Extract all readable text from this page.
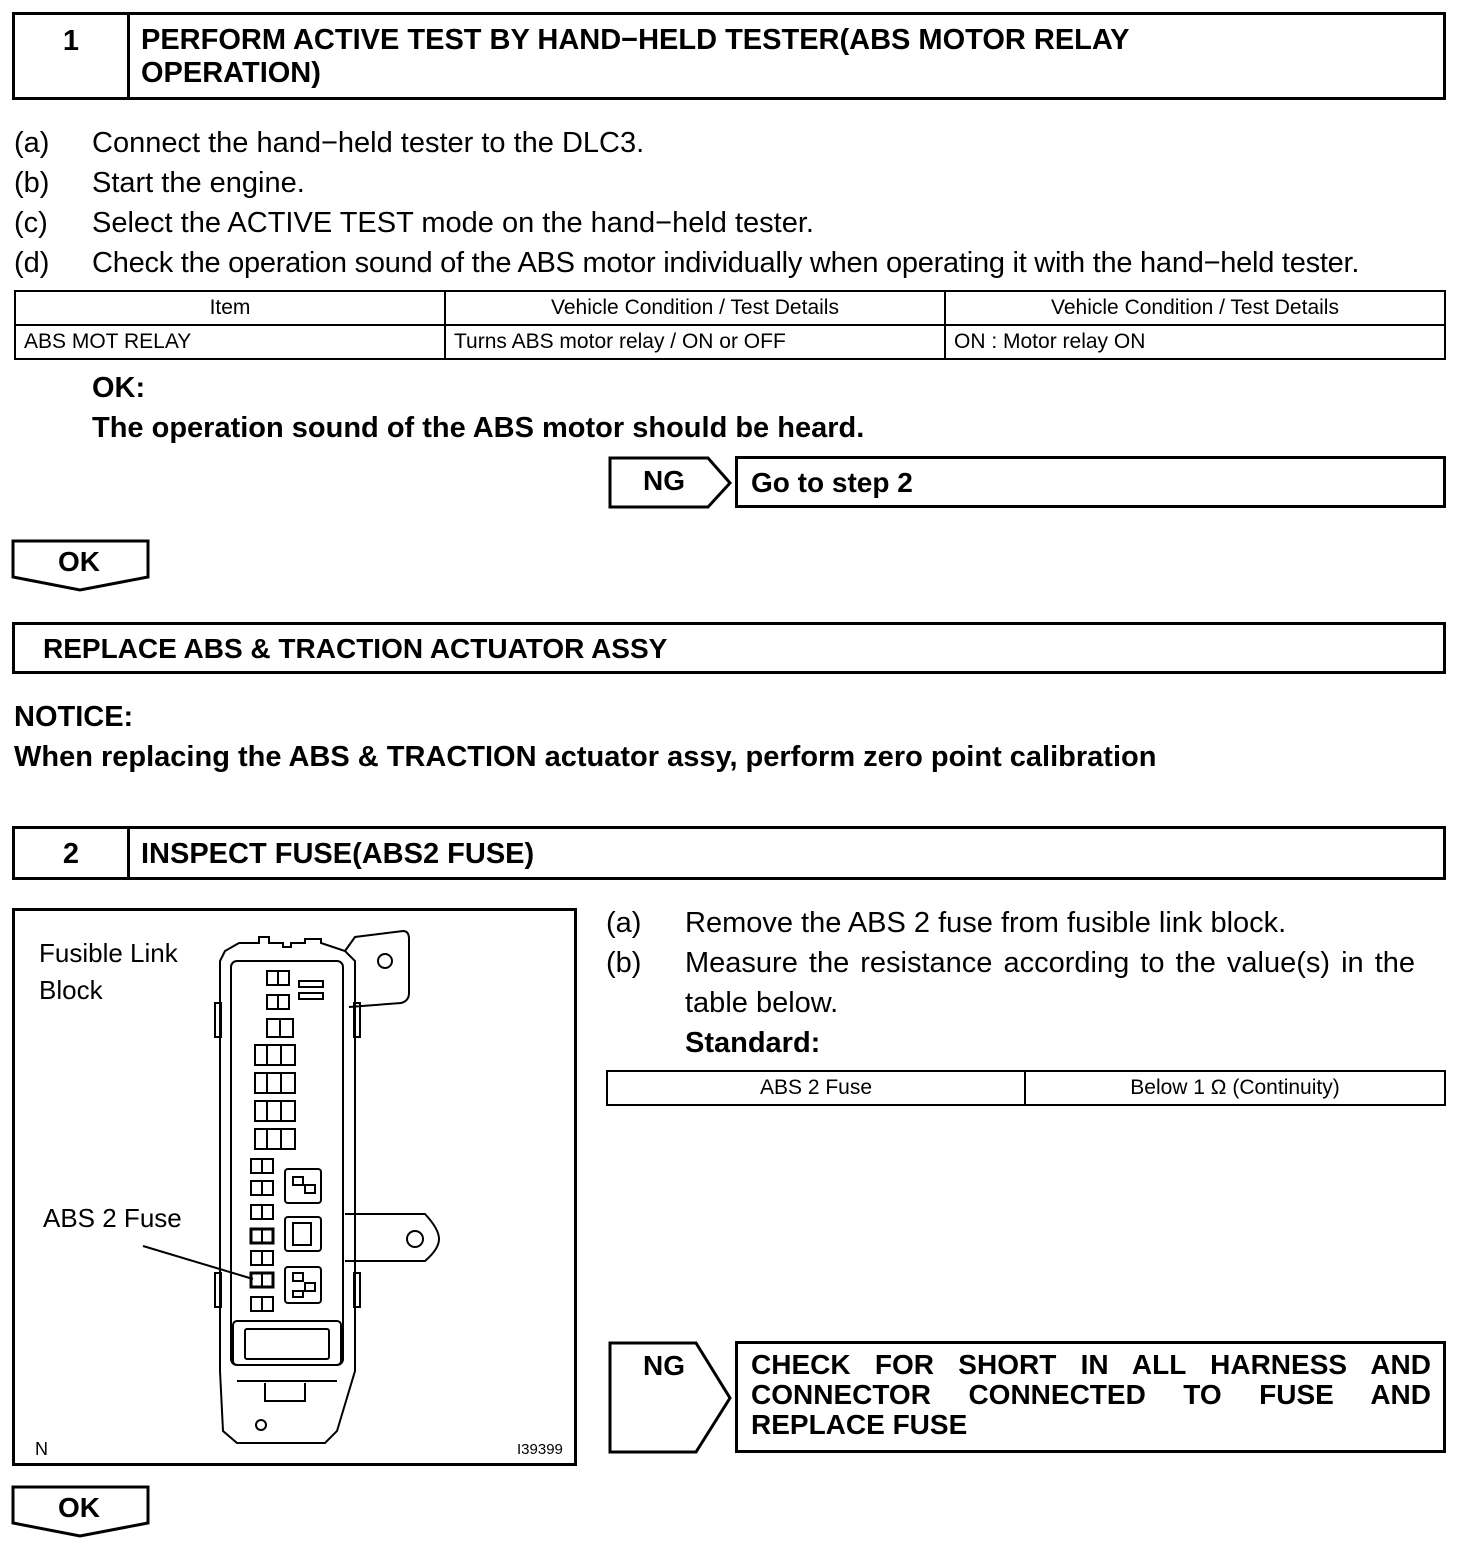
1	PERFORM ACTIVE TEST BY HAND−HELD TESTER(ABS MOTOR RELAY
OPERATION)
(a) Connect the hand−held tester to the DLC3.
(b) Start the engine.
(c) Select the ACTIVE TEST mode on the hand−held tester.
(d) Check the operation sound of the ABS motor individually when operating it with the hand−held tester.
Item	Vehicle Condition / Test Details	Vehicle Condition / Test Details
ABS MOT RELAY	Turns ABS motor relay / ON or OFF	ON : Motor relay ON
OK:
The operation sound of the ABS motor should be heard.
NG	Go to step 2
OK
REPLACE ABS & TRACTION ACTUATOR ASSY
NOTICE:
When replacing the ABS & TRACTION actuator assy, perform zero point calibration
2	INSPECT FUSE(ABS2 FUSE)
Fusible Link
Block
ABS 2 Fuse
N	I39399
(a) Remove the ABS 2 fuse from fusible link block.
(b) Measure the resistance according to the value(s) in the
table below.
Standard:
ABS 2 Fuse	Below 1 Ω (Continuity)
NG	CHECK FOR SHORT IN ALL HARNESS AND
CONNECTOR CONNECTED TO FUSE AND
REPLACE FUSE
OK
